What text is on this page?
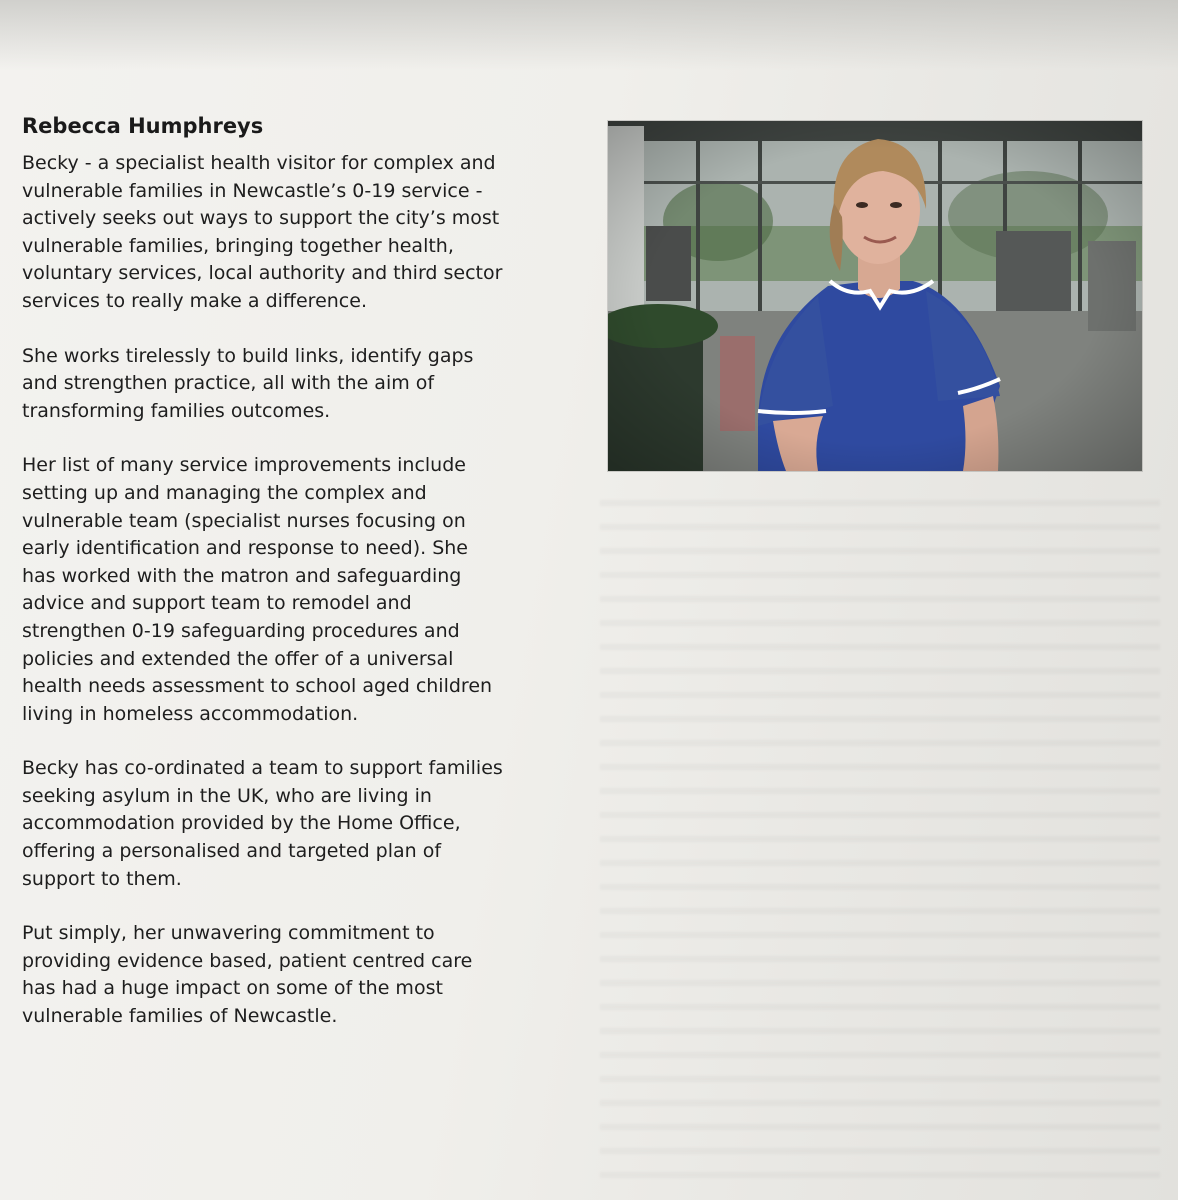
Rebecca Humphreys

Becky - a specialist health visitor for complex and
vulnerable families in Newcastle’s 0-19 service -
actively seeks out ways to support the city’s most
vulnerable families, bringing together health,
voluntary services, local authority and third sector
services to really make a difference.

She works tirelessly to build links, identify gaps
and strengthen practice, all with the aim of
transforming families outcomes.

Her list of many service improvements include
setting up and managing the complex and
vulnerable team (specialist nurses focusing on
early identification and response to need). She
has worked with the matron and safeguarding
advice and support team to remodel and
strengthen 0-19 safeguarding procedures and
policies and extended the offer of a universal
health needs assessment to school aged children
living in homeless accommodation.

Becky has co-ordinated a team to support families
seeking asylum in the UK, who are living in
accommodation provided by the Home Office,
offering a personalised and targeted plan of
support to them.

Put simply, her unwavering commitment to
providing evidence based, patient centred care
has had a huge impact on some of the most
vulnerable families of Newcastle.
